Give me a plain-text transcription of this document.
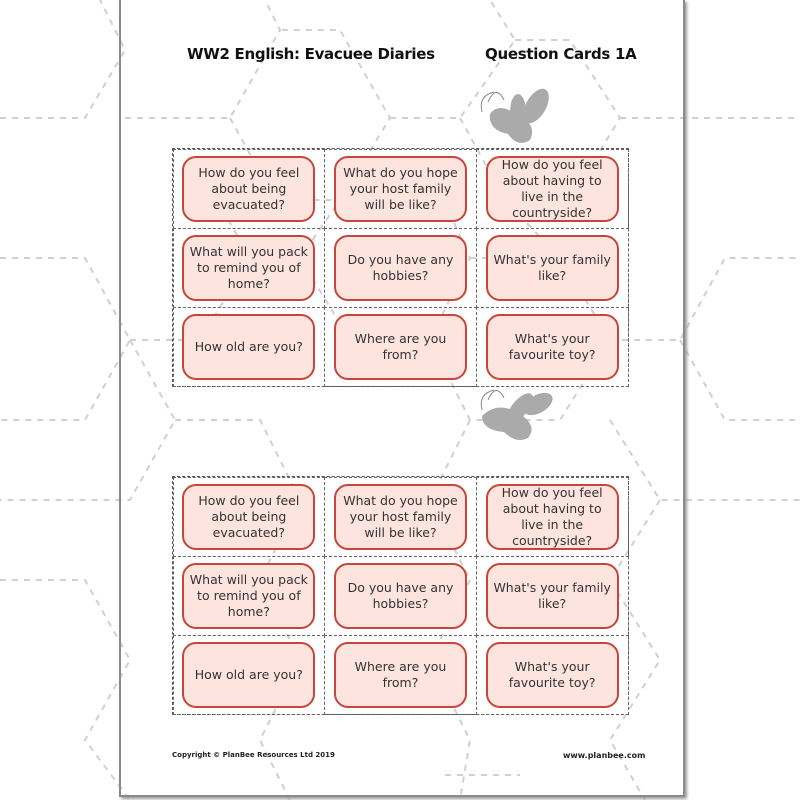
WW2 English: Evacuee Diaries	Question Cards 1A
How do you feel about being evacuated?
What do you hope your host family will be like?
How do you feel about having to live in the countryside?
What will you pack to remind you of home?
Do you have any hobbies?
What's your family like?
How old are you?
Where are you from?
What's your favourite toy?
How do you feel about being evacuated?
What do you hope your host family will be like?
How do you feel about having to live in the countryside?
What will you pack to remind you of home?
Do you have any hobbies?
What's your family like?
How old are you?
Where are you from?
What's your favourite toy?
Copyright © PlanBee Resources Ltd 2019	www.planbee.com
